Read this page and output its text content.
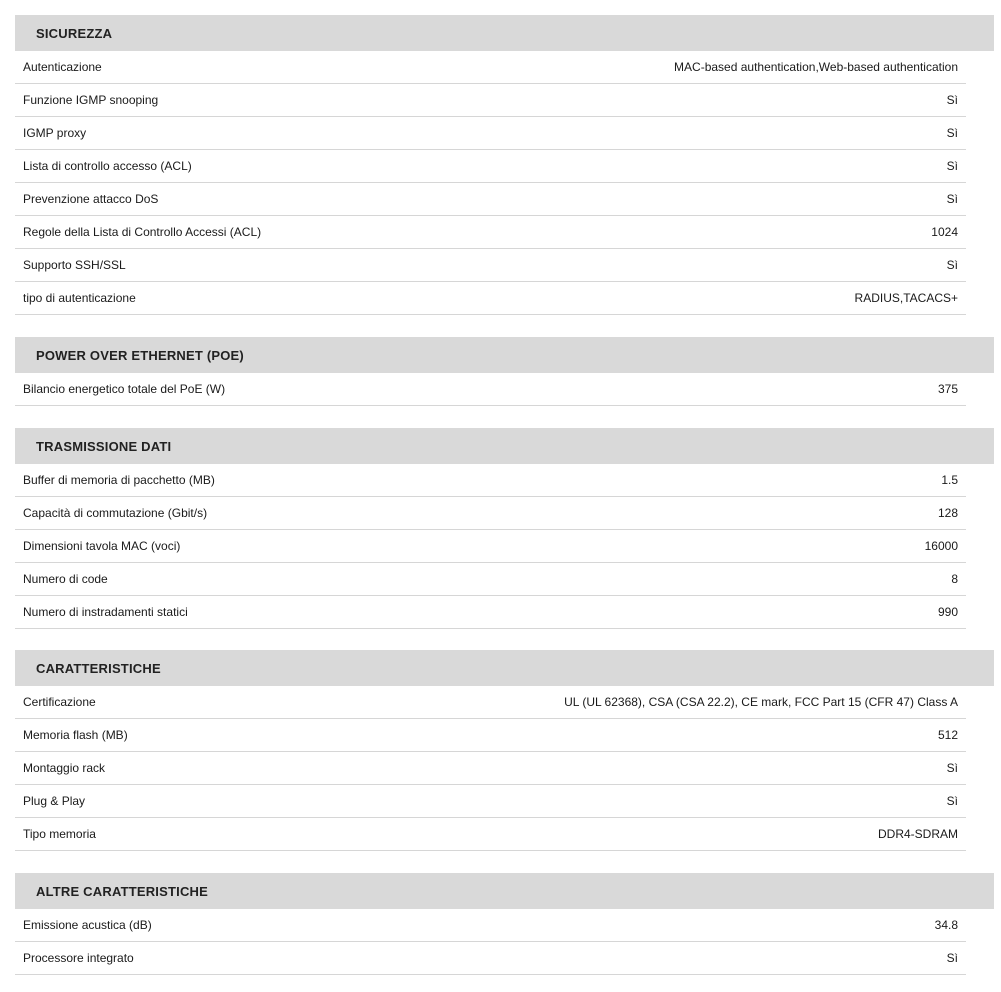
SICUREZZA
Autenticazione	MAC-based authentication,Web-based authentication
Funzione IGMP snooping	Sì
IGMP proxy	Sì
Lista di controllo accesso (ACL)	Sì
Prevenzione attacco DoS	Sì
Regole della Lista di Controllo Accessi (ACL)	1024
Supporto SSH/SSL	Sì
tipo di autenticazione	RADIUS,TACACS+
POWER OVER ETHERNET (POE)
Bilancio energetico totale del PoE (W)	375
TRASMISSIONE DATI
Buffer di memoria di pacchetto (MB)	1.5
Capacità di commutazione (Gbit/s)	128
Dimensioni tavola MAC (voci)	16000
Numero di code	8
Numero di instradamenti statici	990
CARATTERISTICHE
Certificazione	UL (UL 62368), CSA (CSA 22.2), CE mark, FCC Part 15 (CFR 47) Class A
Memoria flash (MB)	512
Montaggio rack	Sì
Plug & Play	Sì
Tipo memoria	DDR4-SDRAM
ALTRE CARATTERISTICHE
Emissione acustica (dB)	34.8
Processore integrato	Sì
